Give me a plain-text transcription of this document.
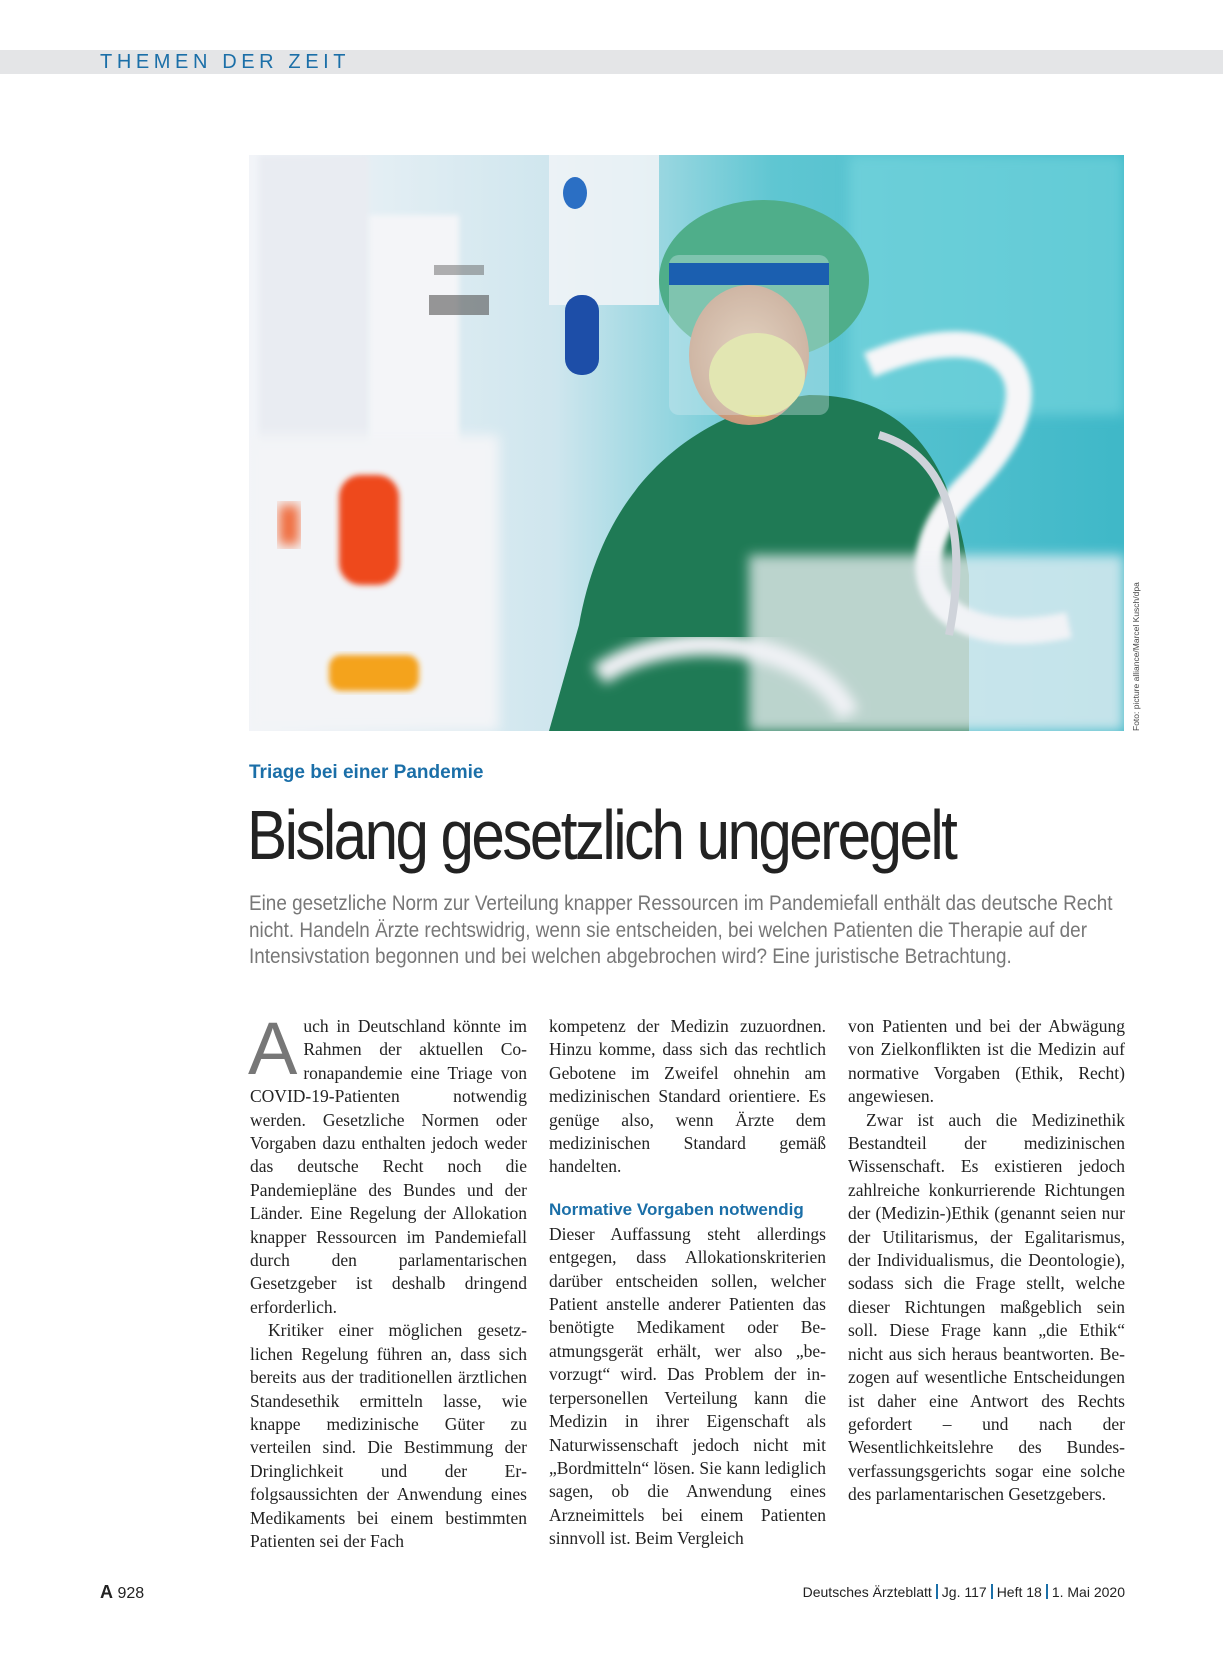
THEMEN DER ZEIT
Foto: picture alliance/Marcel Kusch/dpa
Triage bei einer Pandemie
Bislang gesetzlich ungeregelt
Eine gesetzliche Norm zur Verteilung knapper Ressourcen im Pandemiefall enthält das deutsche Recht nicht. Handeln Ärzte rechtswidrig, wenn sie entscheiden, bei welchen Patienten die Therapie auf der Intensivstation begonnen und bei welchen abgebrochen wird? Eine juristische Betrachtung.

Auch in Deutschland könnte im Rahmen der aktuellen Coronapandemie eine Triage von COVID-19-Patienten notwendig werden. Gesetzliche Normen oder Vorgaben dazu enthalten jedoch weder das deutsche Recht noch die Pandemiepläne des Bundes und der Länder. Eine Regelung der Allokation knapper Ressourcen im Pandemiefall durch den parlamentarischen Gesetzgeber ist deshalb dringend erforderlich.

Kritiker einer möglichen gesetzlichen Regelung führen an, dass sich bereits aus der traditionellen ärztlichen Standesethik ermitteln lasse, wie knappe medizinische Güter zu verteilen sind. Die Bestimmung der Dringlichkeit und der Erfolgsaussichten der Anwendung eines Medikaments bei einem bestimmten Patienten sei der Fach

kompetenz der Medizin zuzuordnen. Hinzu komme, dass sich das rechtlich Gebotene im Zweifel ohnehin am medizinischen Standard orientiere. Es genüge also, wenn Ärzte dem medizinischen Standard gemäß handelten.

Normative Vorgaben notwendig

Dieser Auffassung steht allerdings entgegen, dass Allokationskriterien darüber entscheiden sollen, welcher Patient anstelle anderer Patienten das benötigte Medikament oder Beatmungsgerät erhält, wer also „bevorzugt“ wird. Das Problem der interpersonellen Verteilung kann die Medizin in ihrer Eigenschaft als Naturwissenschaft jedoch nicht mit „Bordmitteln“ lösen. Sie kann lediglich sagen, ob die Anwendung eines Arzneimittels bei einem Patienten sinnvoll ist. Beim Vergleich

von Patienten und bei der Abwägung von Zielkonflikten ist die Medizin auf normative Vorgaben (Ethik, Recht) angewiesen.

Zwar ist auch die Medizinethik Bestandteil der medizinischen Wissenschaft. Es existieren jedoch zahlreiche konkurrierende Richtungen der (Medizin-)Ethik (genannt seien nur der Utilitarismus, der Egalitarismus, der Individualismus, die Deontologie), sodass sich die Frage stellt, welche dieser Richtungen maßgeblich sein soll. Diese Frage kann „die Ethik“ nicht aus sich heraus beantworten. Bezogen auf wesentliche Entscheidungen ist daher eine Antwort des Rechts gefordert – und nach der Wesentlichkeitslehre des Bundesverfassungsgerichts sogar eine solche des parlamentarischen Gesetzgebers.

A 928	Deutsches Ärzteblatt Jg. 117 Heft 18 1. Mai 2020
